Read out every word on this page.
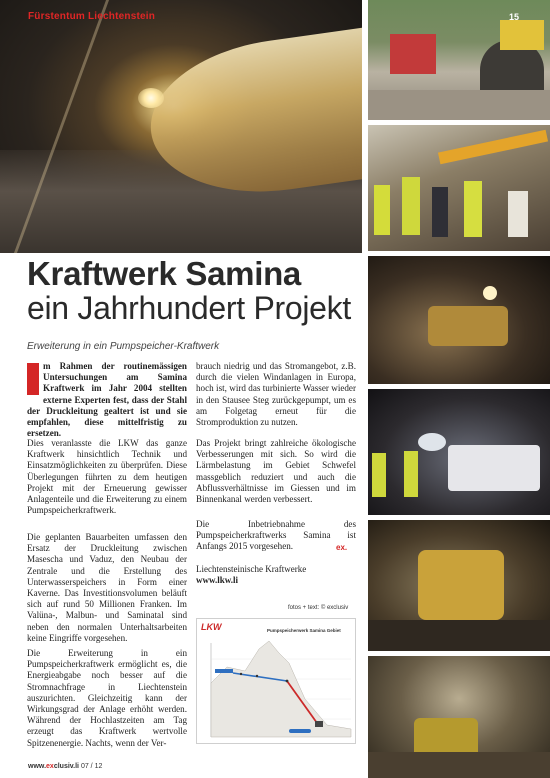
Fürstentum Liechtenstein	15
Kraftwerk Samina
ein Jahrhundert Projekt
Erweiterung in ein Pumpspeicher-Kraftwerk
m Rahmen der routinemässigen Untersuchungen am Samina Kraftwerk im Jahr 2004 stellten externe Experten fest, dass der Stahl der Druckleitung gealtert ist und sie empfahlen, diese mittelfristig zu ersetzen.
Dies veranlasste die LKW das ganze Kraftwerk hinsichtlich Technik und Einsatzmöglichkeiten zu überprüfen. Diese Überlegungen führten zu dem heutigen Projekt mit der Erneuerung gewisser Anlagenteile und die Erweiterung zu einem Pumpspeicherkraftwerk.
Die geplanten Bauarbeiten umfassen den Ersatz der Druckleitung zwischen Masescha und Vaduz, den Neubau der Zentrale und die Erstellung des Unterwasserspeichers in Form einer Kaverne. Das Investitionsvolumen beläuft sich auf rund 50 Millionen Franken. Im Valüna-, Malbun- und Saminatal sind neben den normalen Unterhaltsarbeiten keine Eingriffe vorgesehen.
Die Erweiterung in ein Pumpspeicherkraftwerk ermöglicht es, die Energieabgabe noch besser auf die Stromnachfrage in Liechtenstein auszurichten. Gleichzeitig kann der Wirkungsgrad der Anlage erhöht werden. Während der Hochlastzeiten am Tag erzeugt das Kraftwerk wertvolle Spitzenenergie. Nachts, wenn der Ver-
brauch niedrig und das Stromangebot, z.B. durch die vielen Windanlagen in Europa, hoch ist, wird das turbinierte Wasser wieder in den Stausee Steg zurückgepumpt, um es am Folgetag erneut für die Stromproduktion zu nutzen.
Das Projekt bringt zahlreiche ökologische Verbesserungen mit sich. So wird die Lärmbelastung im Gebiet Schwefel massgeblich reduziert und auch die Abflussverhältnisse im Giessen und im Binnenkanal werden verbessert.
Die Inbetriebnahme des Pumpspeicherkraftwerks Samina ist Anfangs 2015 vorgesehen.	ex.
Liechtensteinische Kraftwerke
www.lkw.li
fotos + text: © exclusiv
LKW	Pumpspeicherwerk Samina Gebiet
www.exclusiv.li 07 / 12
